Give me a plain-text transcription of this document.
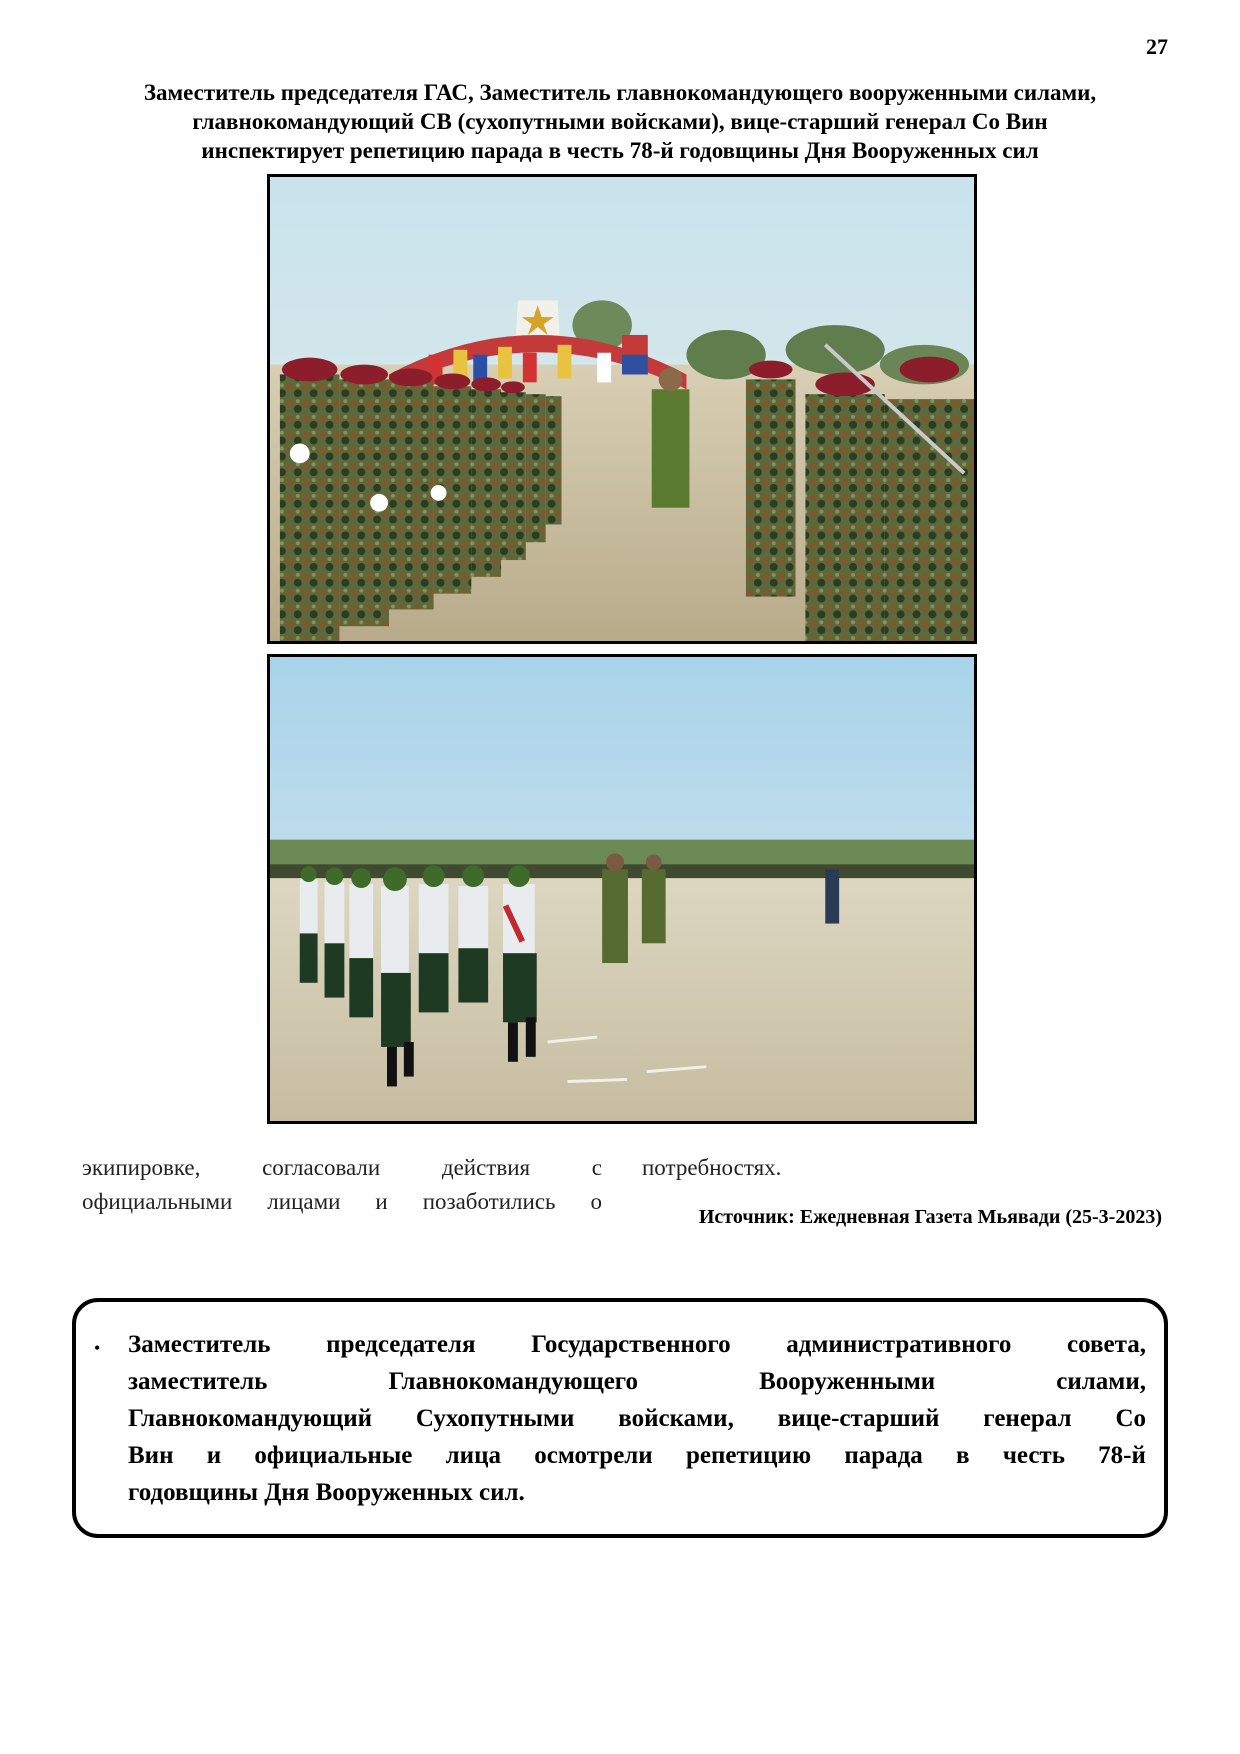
27
Заместитель председателя ГАС, Заместитель главнокомандующего вооруженными силами,
главнокомандующий СВ (сухопутными войсками), вице-старший генерал Со Вин
инспектирует репетицию парада в честь 78-й годовщины Дня Вооруженных сил
экипировке,	согласовали	действия	с потребностях.
официальными лицами и позаботились о
Источник: Ежедневная Газета Мьявади (25-3-2023)
• Заместитель председателя Государственного административного совета,
заместитель	Главнокомандующего	Вооруженными	силами,
Главнокомандующий Сухопутными войсками, вице-старший генерал Со
Вин и официальные лица осмотрели репетицию парада в честь 78-й
годовщины Дня Вооруженных сил.
